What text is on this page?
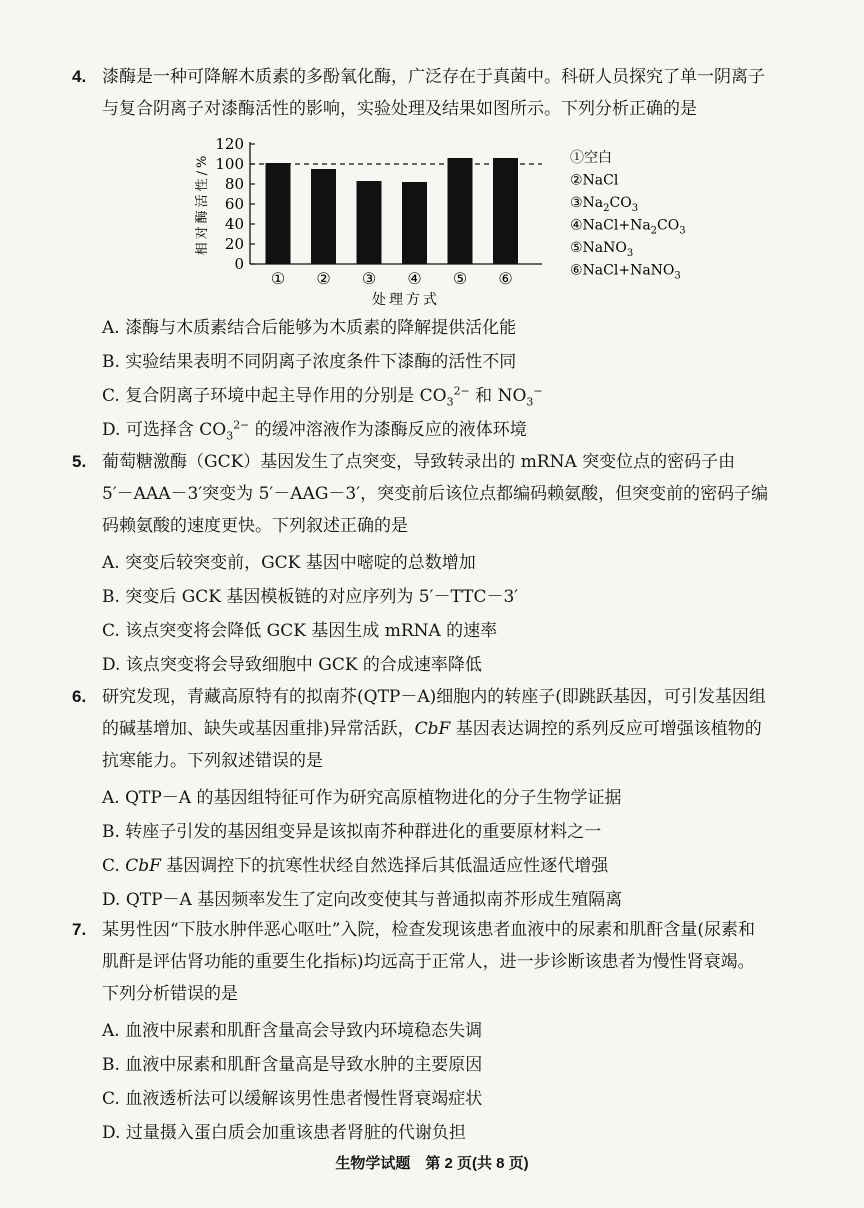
4. 漆酶是一种可降解木质素的多酚氧化酶，广泛存在于真菌中。科研人员探究了单一阴离子
与复合阴离子对漆酶活性的影响，实验处理及结果如图所示。下列分析正确的是
0
20
40
60
80
100
120
相对酶活性/%
处理方式
① ② ③ ④ ⑤ ⑥
①空白
②NaCl
$③Na_2CO_3$
$④NaCl+Na_2CO_3$
⑤NaNO$_3$
⑥NaCl+NaNO$_3$
A. 漆酶与木质素结合后能够为木质素的降解提供活化能
B. 实验结果表明不同阴离子浓度条件下漆酶的活性不同
C. 复合阴离子环境中起主导作用的分别是 $CO_3^{2-}$ 和 $NO_3^-$
D. 可选择含 $CO_3^{2-}$ 的缓冲溶液作为漆酶反应的液体环境
5. 葡萄糖激酶（GCK）基因发生了点突变，导致转录出的 mRNA 突变位点的密码子由
5′－AAA－3′突变为 5′－AAG－3′，突变前后该位点都编码赖氨酸，但突变前的密码子编
码赖氨酸的速度更快。下列叙述正确的是
A. 突变后较突变前，GCK 基因中嘧啶的总数增加
B. 突变后 GCK 基因模板链的对应序列为 5′－TTC－3′
C. 该点突变将会降低 GCK 基因生成 mRNA 的速率
D. 该点突变将会导致细胞中 GCK 的合成速率降低
6. 研究发现，青藏高原特有的拟南芥(QTP－A)细胞内的转座子(即跳跃基因，可引发基因组
的碱基增加、缺失或基因重排)异常活跃，CbF 基因表达调控的系列反应可增强该植物的
抗寒能力。下列叙述错误的是
A. QTP－A 的基因组特征可作为研究高原植物进化的分子生物学证据
B. 转座子引发的基因组变异是该拟南芥种群进化的重要原材料之一
C. CbF 基因调控下的抗寒性状经自然选择后其低温适应性逐代增强
D. QTP－A 基因频率发生了定向改变使其与普通拟南芥形成生殖隔离
7. 某男性因“下肢水肿伴恶心呕吐”入院，检查发现该患者血液中的尿素和肌酐含量(尿素和
肌酐是评估肾功能的重要生化指标)均远高于正常人，进一步诊断该患者为慢性肾衰竭。
下列分析错误的是
A. 血液中尿素和肌酐含量高会导致内环境稳态失调
B. 血液中尿素和肌酐含量高是导致水肿的主要原因
C. 血液透析法可以缓解该男性患者慢性肾衰竭症状
D. 过量摄入蛋白质会加重该患者肾脏的代谢负担
生物学试题　第 2 页(共 8 页)
